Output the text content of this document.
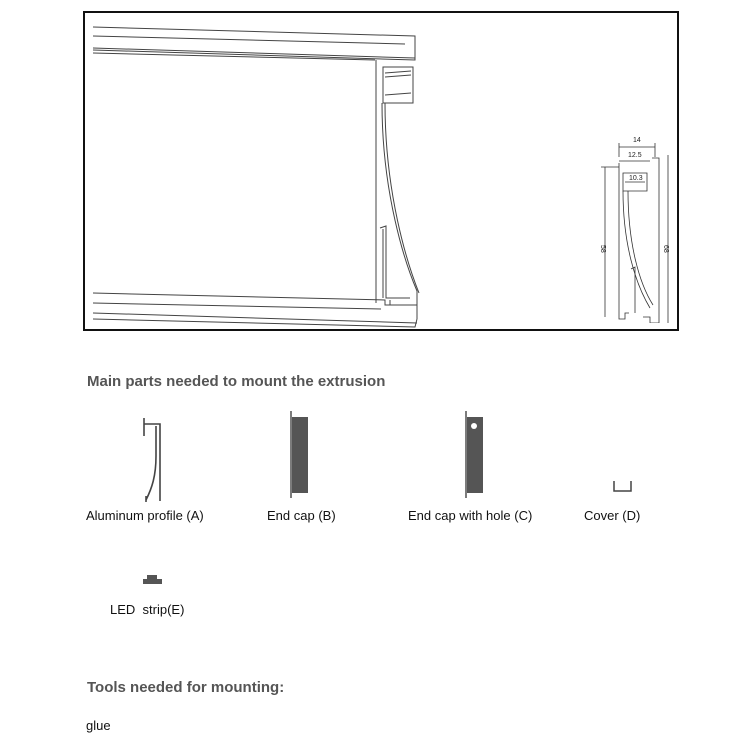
14
12.5
10.3
58	68
Main parts needed to mount the extrusion
Aluminum profile (A)	End cap (B)	End cap with hole (C)	Cover (D)
LED  strip(E)
Tools needed for mounting:
glue
